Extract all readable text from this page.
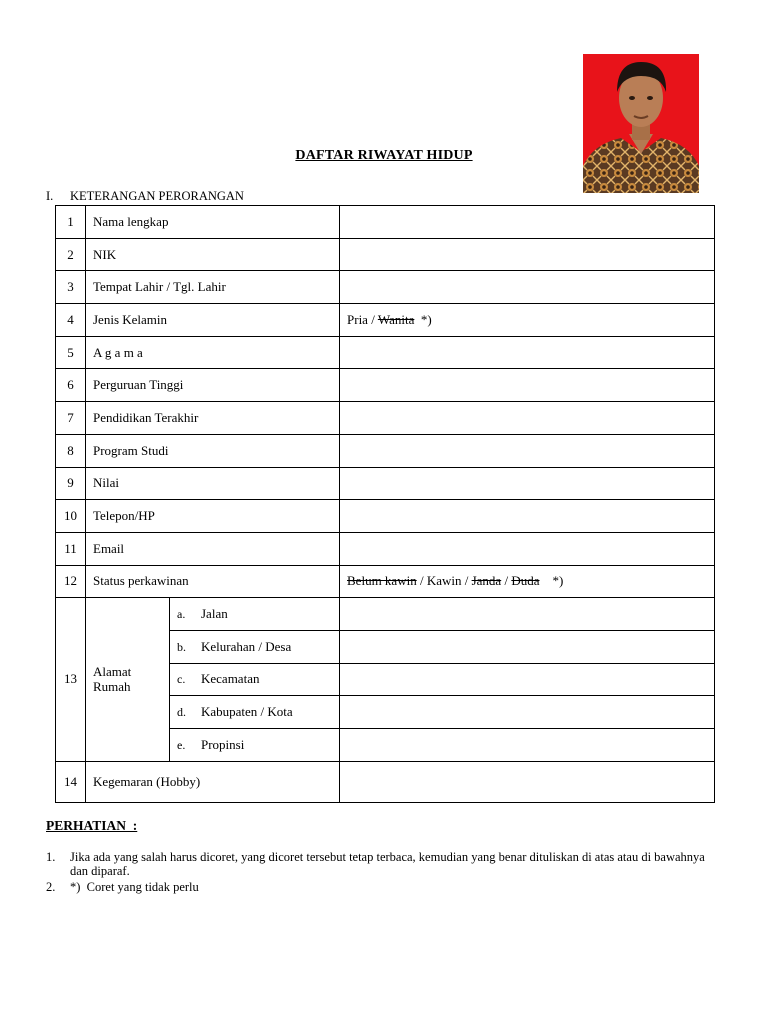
DAFTAR RIWAYAT HIDUP
I. KETERANGAN PERORANGAN
1	Nama lengkap		
2	NIK		
3	Tempat Lahir / Tgl. Lahir		
4	Jenis Kelamin		Pria / Wanita  *)
5	A g a m a		
6	Perguruan Tinggi		
7	Pendidikan Terakhir		
8	Program Studi		
9	Nilai		
10	Telepon/HP		
11	Email		
12	Status perkawinan		Belum kawin / Kawin / Janda / Duda    *)
13	Alamat
Rumah	a. Jalan	
		b. Kelurahan / Desa	
		c. Kecamatan	
		d. Kabupaten / Kota	
		e. Propinsi	
14	Kegemaran (Hobby)		
PERHATIAN  :
1.	Jika ada yang salah harus dicoret, yang dicoret tersebut tetap terbaca, kemudian yang benar dituliskan di atas atau di bawahnya dan diparaf.
2.	*)  Coret yang tidak perlu
